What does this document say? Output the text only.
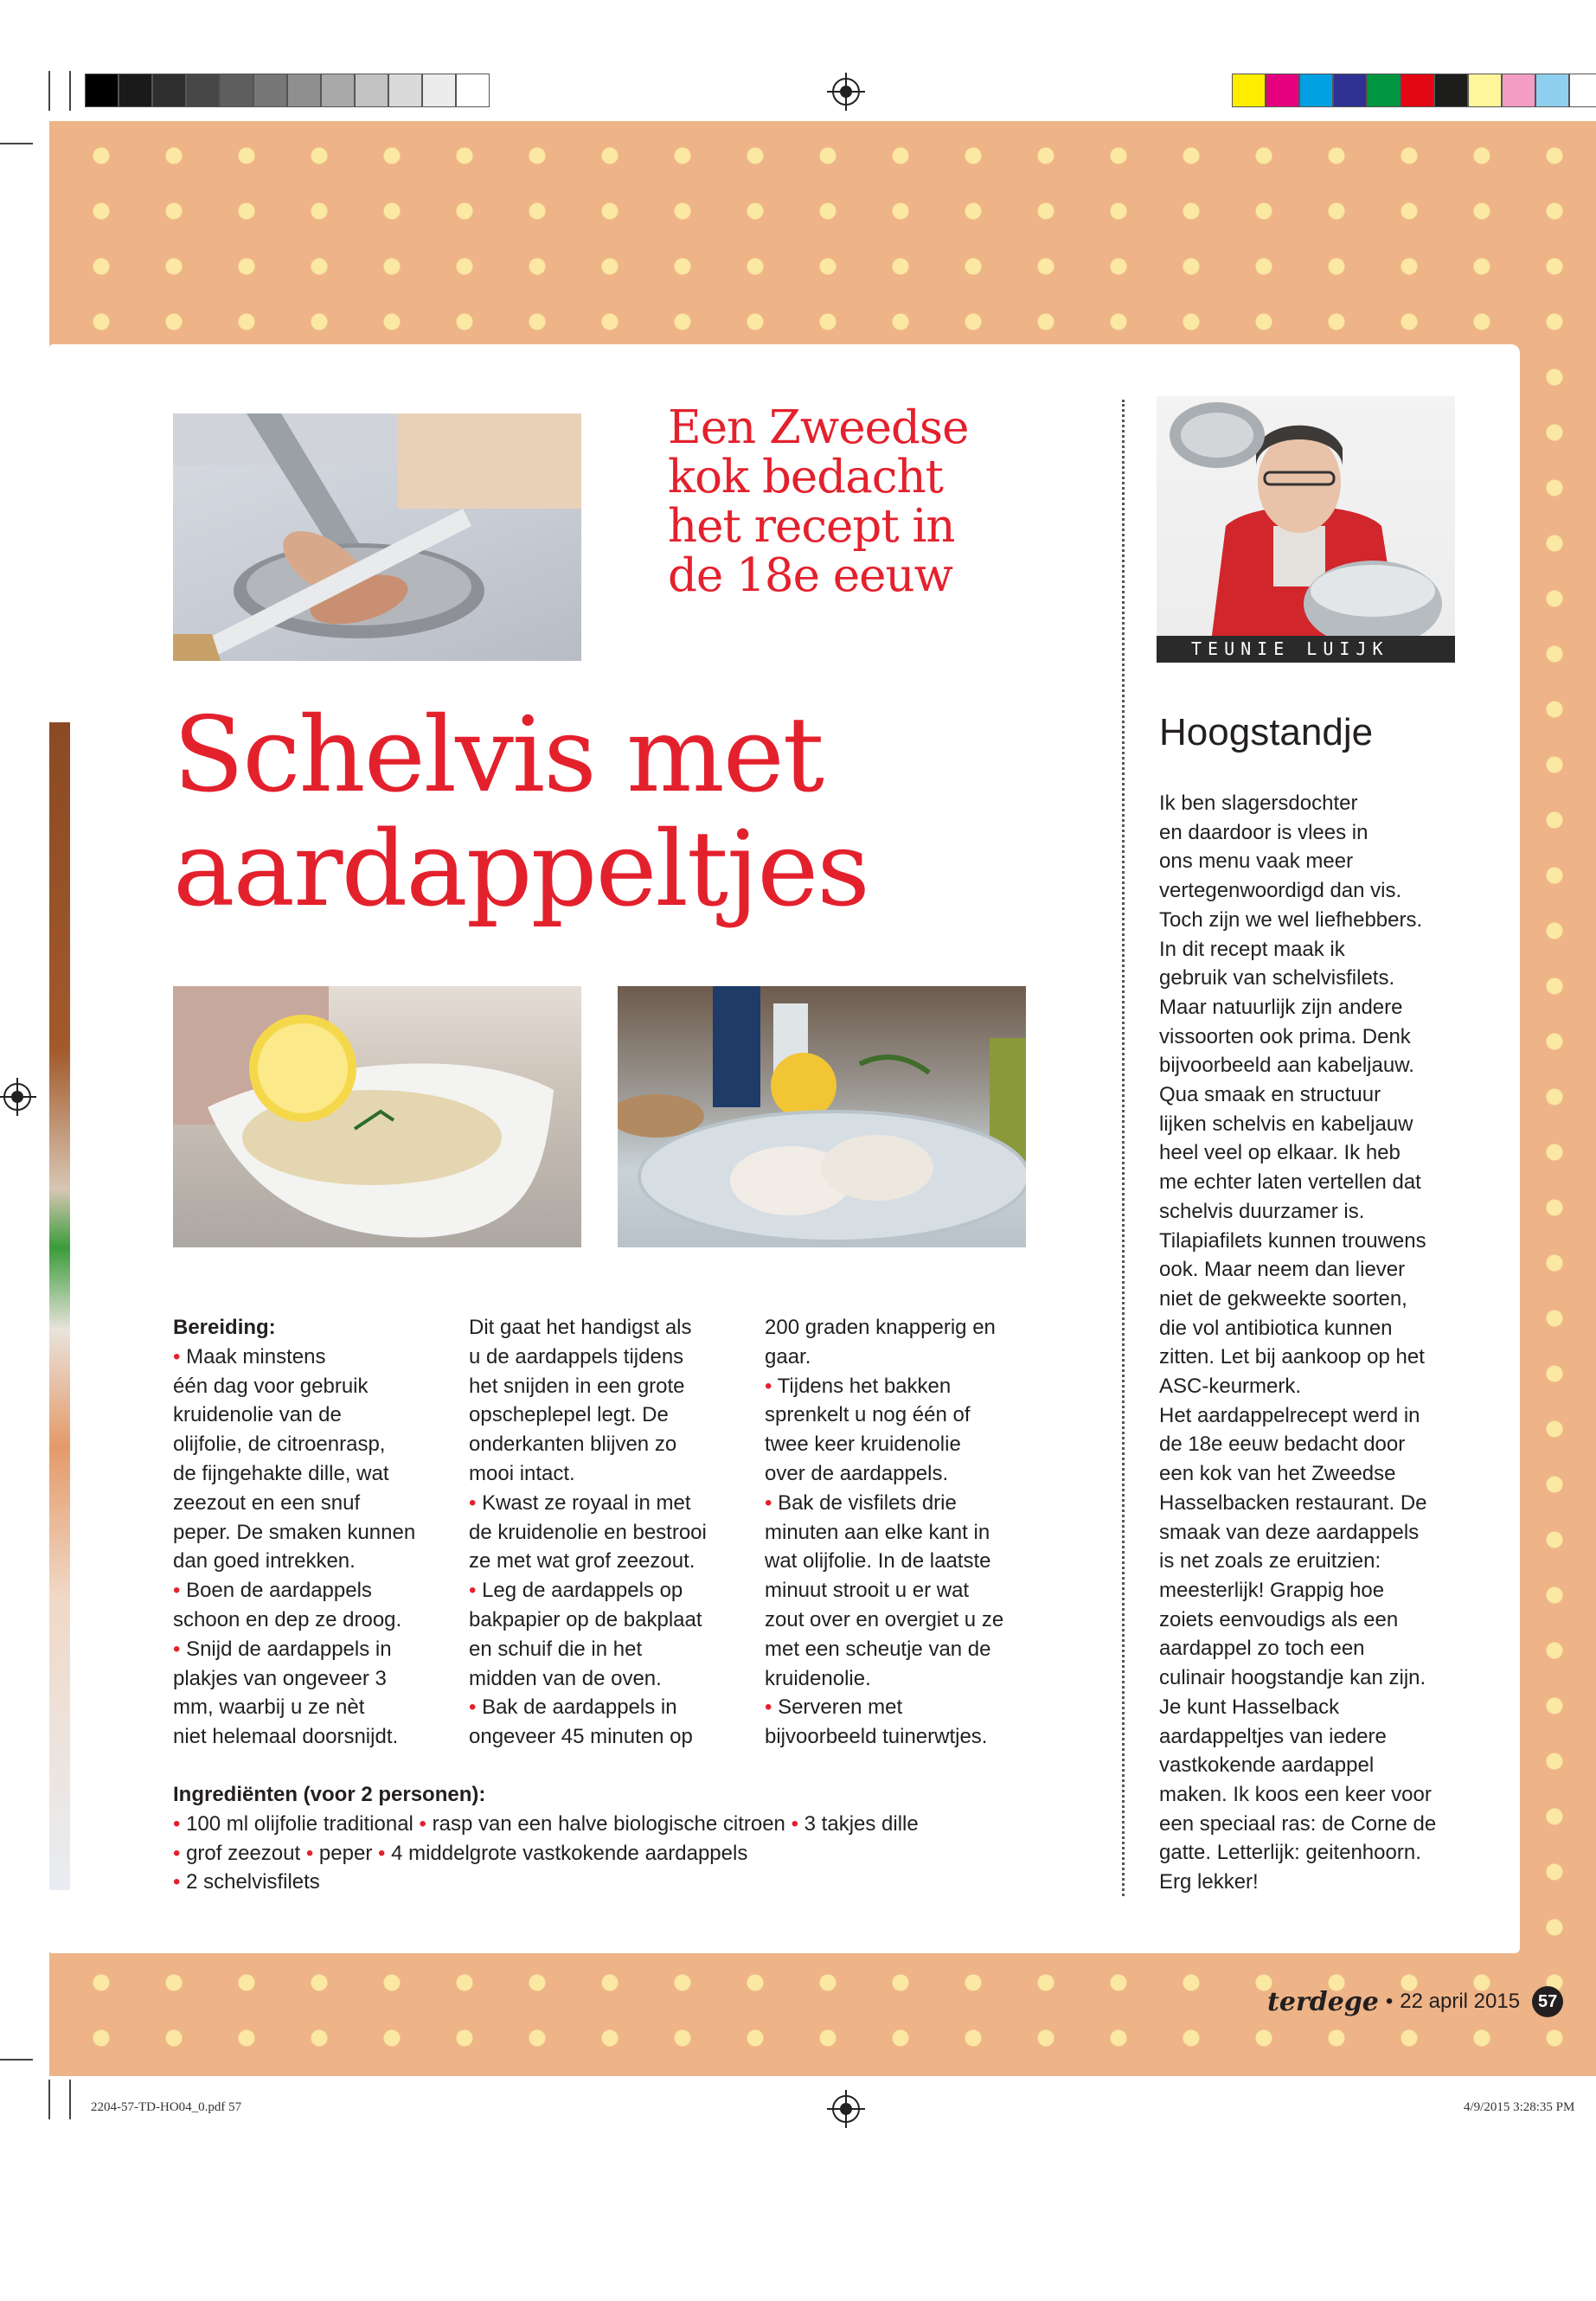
TEUNIE LUIJK
Een Zweedse
kok bedacht
het recept in
de 18e eeuw
Schelvis met
aardappeltjes
Hoogstandje
Ik ben slagersdochter
en daardoor is vlees in
ons menu vaak meer
vertegenwoordigd dan vis.
Toch zijn we wel liefhebbers.
In dit recept maak ik
gebruik van schelvisfilets.
Maar natuurlijk zijn andere
vissoorten ook prima. Denk
bijvoorbeeld aan kabeljauw.
Qua smaak en structuur
lijken schelvis en kabeljauw
heel veel op elkaar. Ik heb
me echter laten vertellen dat
schelvis duurzamer is.
Tilapiafilets kunnen trouwens
ook. Maar neem dan liever
niet de gekweekte soorten,
die vol antibiotica kunnen
zitten. Let bij aankoop op het
ASC-keurmerk.
Het aardappelrecept werd in
de 18e eeuw bedacht door
een kok van het Zweedse
Hasselbacken restaurant. De
smaak van deze aardappels
is net zoals ze eruitzien:
meesterlijk! Grappig hoe
zoiets eenvoudigs als een
aardappel zo toch een
culinair hoogstandje kan zijn.
Je kunt Hasselback
aardappeltjes van iedere
vastkokende aardappel
maken. Ik koos een keer voor
een speciaal ras: de Corne de
gatte. Letterlijk: geitenhoorn.
Erg lekker!
Bereiding:
• Maak minstens
één dag voor gebruik
kruidenolie van de
olijfolie, de citroenrasp,
de fijngehakte dille, wat
zeezout en een snuf
peper. De smaken kunnen
dan goed intrekken.
• Boen de aardappels
schoon en dep ze droog.
• Snijd de aardappels in
plakjes van ongeveer 3
mm, waarbij u ze nèt
niet helemaal doorsnijdt.
Dit gaat het handigst als
u de aardappels tijdens
het snijden in een grote
opscheplepel legt. De
onderkanten blijven zo
mooi intact.
• Kwast ze royaal in met
de kruidenolie en bestrooi
ze met wat grof zeezout.
• Leg de aardappels op
bakpapier op de bakplaat
en schuif die in het
midden van de oven.
• Bak de aardappels in
ongeveer 45 minuten op
200 graden knapperig en
gaar.
• Tijdens het bakken
sprenkelt u nog één of
twee keer kruidenolie
over de aardappels.
• Bak de visfilets drie
minuten aan elke kant in
wat olijfolie. In de laatste
minuut strooit u er wat
zout over en overgiet u ze
met een scheutje van de
kruidenolie.
• Serveren met
bijvoorbeeld tuinerwtjes.
Ingrediënten (voor 2 personen):
• 100 ml olijfolie traditional • rasp van een halve biologische citroen • 3 takjes dille
• grof zeezout • peper • 4 middelgrote vastkokende aardappels
• 2 schelvisfilets
terdege • 22 april 2015	57
2204-57-TD-HO04_0.pdf 57	4/9/2015 3:28:35 PM
